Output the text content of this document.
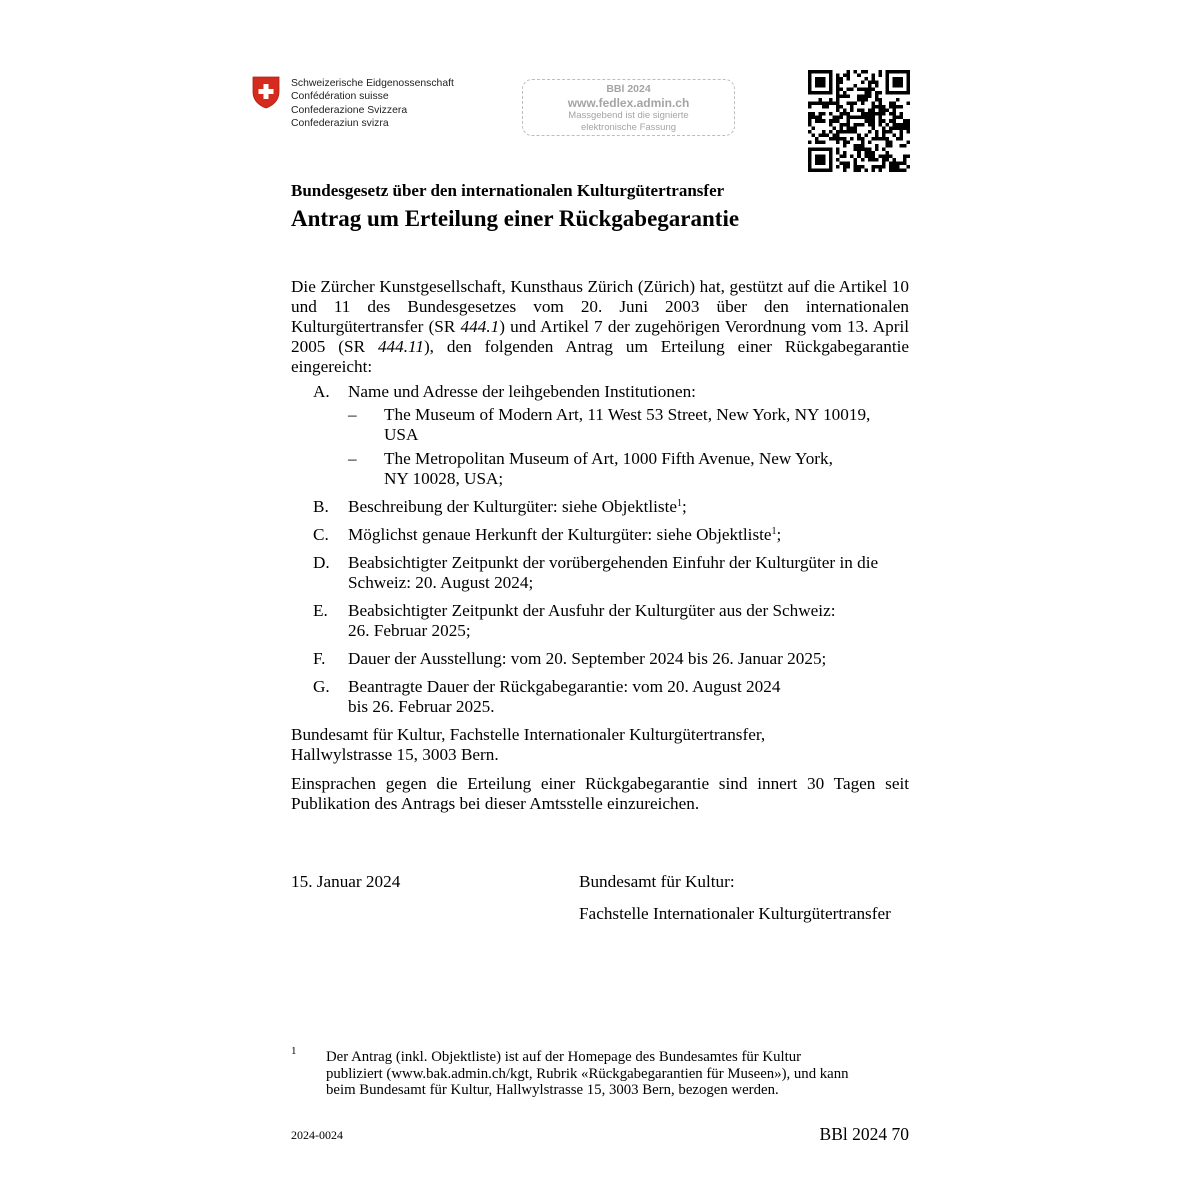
Schweizerische Eidgenossenschaft
Confédération suisse
Confederazione Svizzera
Confederaziun svizra
BBl 2024
www.fedlex.admin.ch
Massgebend ist die signierte
elektronische Fassung
Bundesgesetz über den internationalen Kulturgütertransfer
Antrag um Erteilung einer Rückgabegarantie

Die Zürcher Kunstgesellschaft, Kunsthaus Zürich (Zürich) hat, gestützt auf die Artikel 10 und 11 des Bundesgesetzes vom 20. Juni 2003 über den internationalen Kulturgütertransfer (SR 444.1) und Artikel 7 der zugehörigen Verordnung vom 13. April 2005 (SR 444.11), den folgenden Antrag um Erteilung einer Rückgabegarantie eingereicht:

A. Name und Adresse der leihgebenden Institutionen:
– The Museum of Modern Art, 11 West 53 Street, New York, NY 10019, USA
– The Metropolitan Museum of Art, 1000 Fifth Avenue, New York,
NY 10028, USA;
B. Beschreibung der Kulturgüter: siehe Objektliste$^1$;
C. Möglichst genaue Herkunft der Kulturgüter: siehe Objektliste$^1$;
D. Beabsichtigter Zeitpunkt der vorübergehenden Einfuhr der Kulturgüter in die Schweiz: 20. August 2024;
E. Beabsichtigter Zeitpunkt der Ausfuhr der Kulturgüter aus der Schweiz:
26. Februar 2025;
F. Dauer der Ausstellung: vom 20. September 2024 bis 26. Januar 2025;
G. Beantragte Dauer der Rückgabegarantie: vom 20. August 2024
bis 26. Februar 2025.

Bundesamt für Kultur, Fachstelle Internationaler Kulturgütertransfer,
Hallwylstrasse 15, 3003 Bern.

Einsprachen gegen die Erteilung einer Rückgabegarantie sind innert 30 Tagen seit Publikation des Antrags bei dieser Amtsstelle einzureichen.

15. Januar 2024	Bundesamt für Kultur:
Fachstelle Internationaler Kulturgütertransfer
1 Der Antrag (inkl. Objektliste) ist auf der Homepage des Bundesamtes für Kultur
publiziert (www.bak.admin.ch/kgt, Rubrik «Rückgabegarantien für Museen»), und kann
beim Bundesamt für Kultur, Hallwylstrasse 15, 3003 Bern, bezogen werden.
2024-0024	BBl 2024 70
